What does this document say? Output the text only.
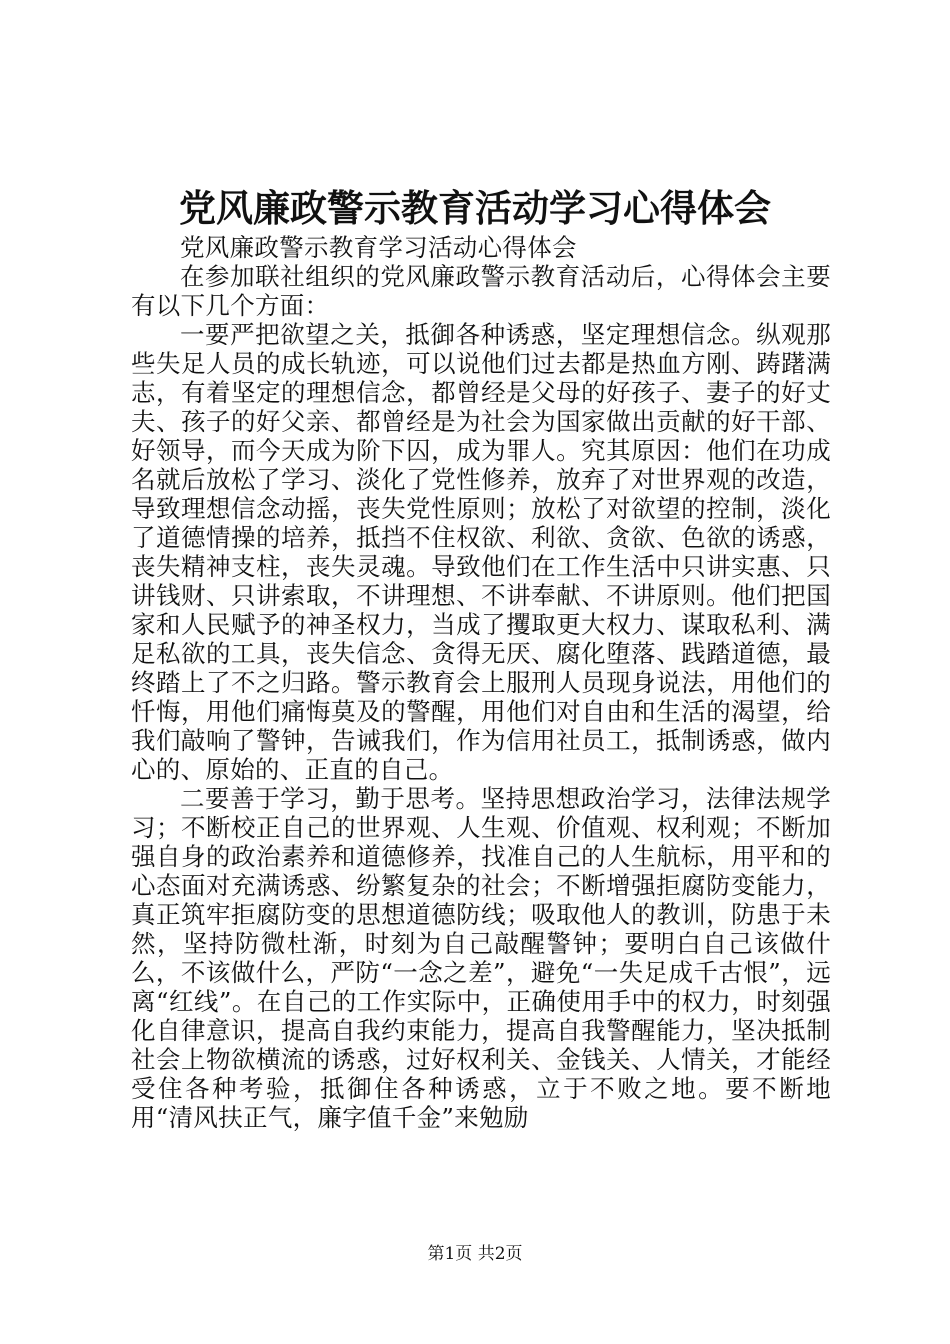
党风廉政警示教育活动学习心得体会

党风廉政警示教育学习活动心得体会

在参加联社组织的党风廉政警示教育活动后，心得体会主要有以下几个方面：

一要严把欲望之关，抵御各种诱惑，坚定理想信念。纵观那些失足人员的成长轨迹，可以说他们过去都是热血方刚、踌躇满志，有着坚定的理想信念，都曾经是父母的好孩子、妻子的好丈夫、孩子的好父亲、都曾经是为社会为国家做出贡献的好干部、好领导，而今天成为阶下囚，成为罪人。究其原因：他们在功成名就后放松了学习、淡化了党性修养，放弃了对世界观的改造，导致理想信念动摇，丧失党性原则；放松了对欲望的控制，淡化了道德情操的培养，抵挡不住权欲、利欲、贪欲、色欲的诱惑，丧失精神支柱，丧失灵魂。导致他们在工作生活中只讲实惠、只讲钱财、只讲索取，不讲理想、不讲奉献、不讲原则。他们把国家和人民赋予的神圣权力，当成了攫取更大权力、谋取私利、满足私欲的工具，丧失信念、贪得无厌、腐化堕落、践踏道德，最终踏上了不之归路。警示教育会上服刑人员现身说法，用他们的忏悔，用他们痛悔莫及的警醒，用他们对自由和生活的渴望，给我们敲响了警钟，告诫我们，作为信用社员工，抵制诱惑，做内心的、原始的、正直的自己。

二要善于学习，勤于思考。坚持思想政治学习，法律法规学习；不断校正自己的世界观、人生观、价值观、权利观；不断加强自身的政治素养和道德修养，找准自己的人生航标，用平和的心态面对充满诱惑、纷繁复杂的社会；不断增强拒腐防变能力，真正筑牢拒腐防变的思想道德防线；吸取他人的教训，防患于未然，坚持防微杜渐，时刻为自己敲醒警钟；要明白自己该做什么，不该做什么，严防“一念之差”，避免“一失足成千古恨”，远离“红线”。在自己的工作实际中，正确使用手中的权力，时刻强化自律意识，提高自我约束能力，提高自我警醒能力，坚决抵制社会上物欲横流的诱惑，过好权利关、金钱关、人情关，才能经受住各种考验，抵御住各种诱惑，立于不败之地。要不断地用“清风扶正气，廉字值千金”来勉励

第1页 共2页
